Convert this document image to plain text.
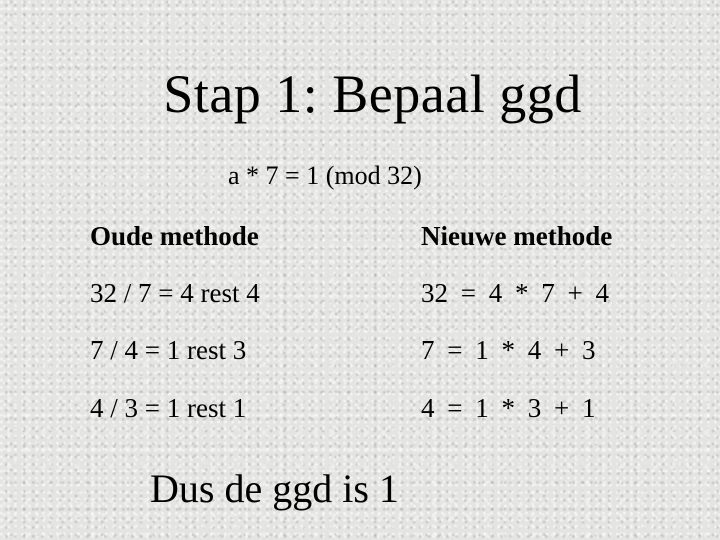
Stap 1: Bepaal ggd
a * 7 = 1 (mod 32)
Oude methode	Nieuwe methode
32 / 7 = 4 rest 4	32 = 4 * 7 + 4
7 / 4 = 1 rest 3	7 = 1 * 4 + 3
4 / 3 = 1 rest 1	4 = 1 * 3 + 1
Dus de ggd is 1
